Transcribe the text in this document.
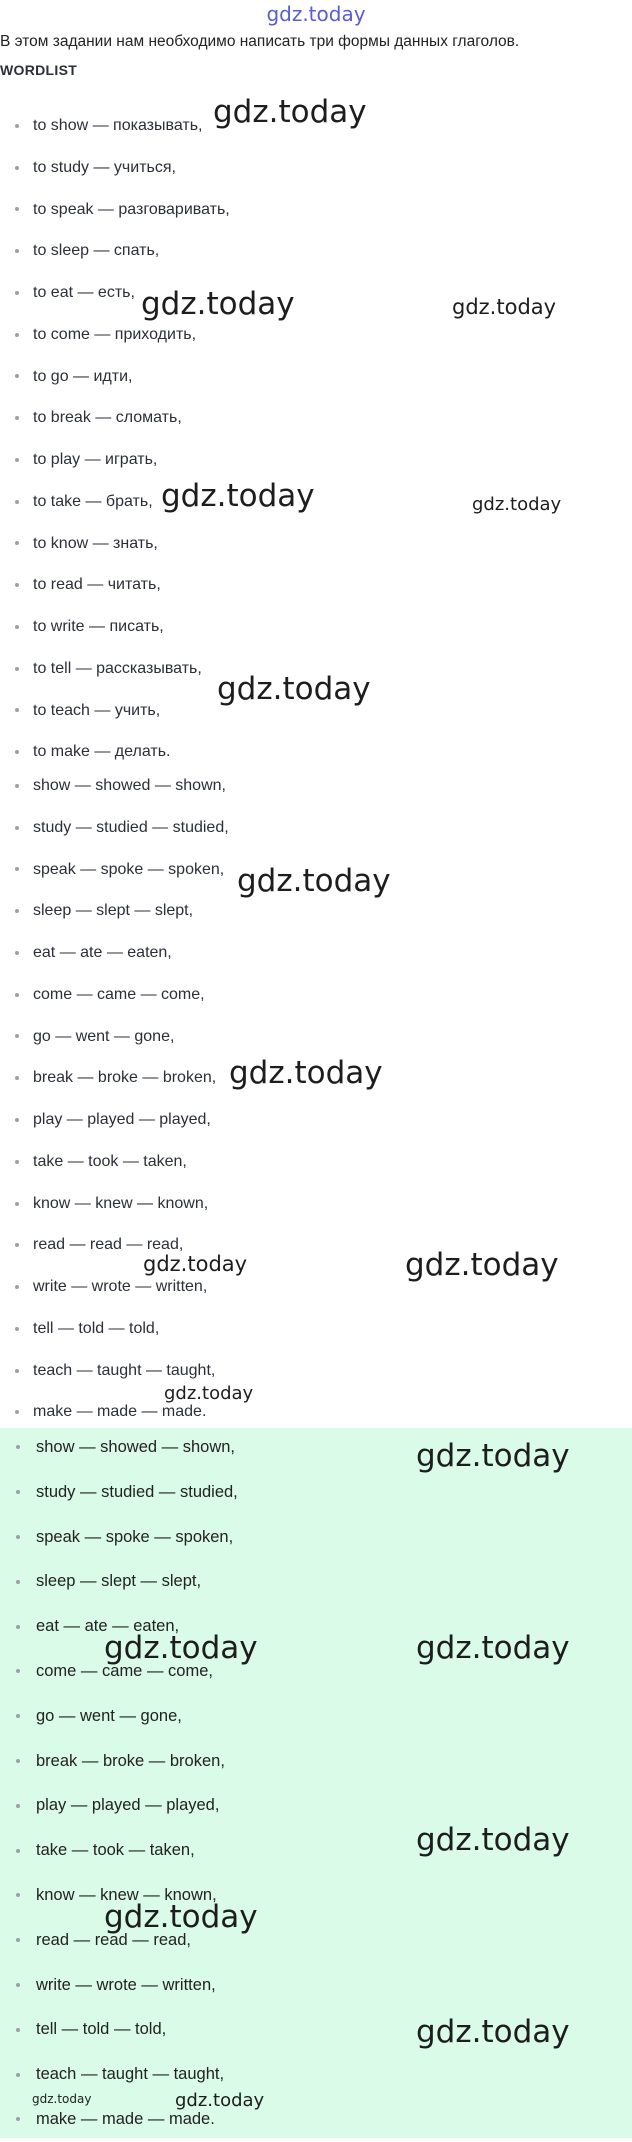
gdz.today
В этом задании нам необходимо написать три формы данных глаголов.
WORDLIST
to show — показывать,
to study — учиться,
to speak — разговаривать,
to sleep — спать,
to eat — есть,
to come — приходить,
to go — идти,
to break — сломать,
to play — играть,
to take — брать,
to know — знать,
to read — читать,
to write — писать,
to tell — рассказывать,
to teach — учить,
to make — делать.
show — showed — shown,
study — studied — studied,
speak — spoke — spoken,
sleep — slept — slept,
eat — ate — eaten,
come — came — come,
go — went — gone,
break — broke — broken,
play — played — played,
take — took — taken,
know — knew — known,
read — read — read,
write — wrote — written,
tell — told — told,
teach — taught — taught,
make — made — made.
show — showed — shown,
study — studied — studied,
speak — spoke — spoken,
sleep — slept — slept,
eat — ate — eaten,
come — came — come,
go — went — gone,
break — broke — broken,
play — played — played,
take — took — taken,
know — knew — known,
read — read — read,
write — wrote — written,
tell — told — told,
teach — taught — taught,
make — made — made.
gdz.today
gdz.today	gdz.today
gdz.today	gdz.today
gdz.today
gdz.today
gdz.today
gdz.today	gdz.today
gdz.today
gdz.today
gdz.today	gdz.today
gdz.today
gdz.today
gdz.today
gdz.today	gdz.today
